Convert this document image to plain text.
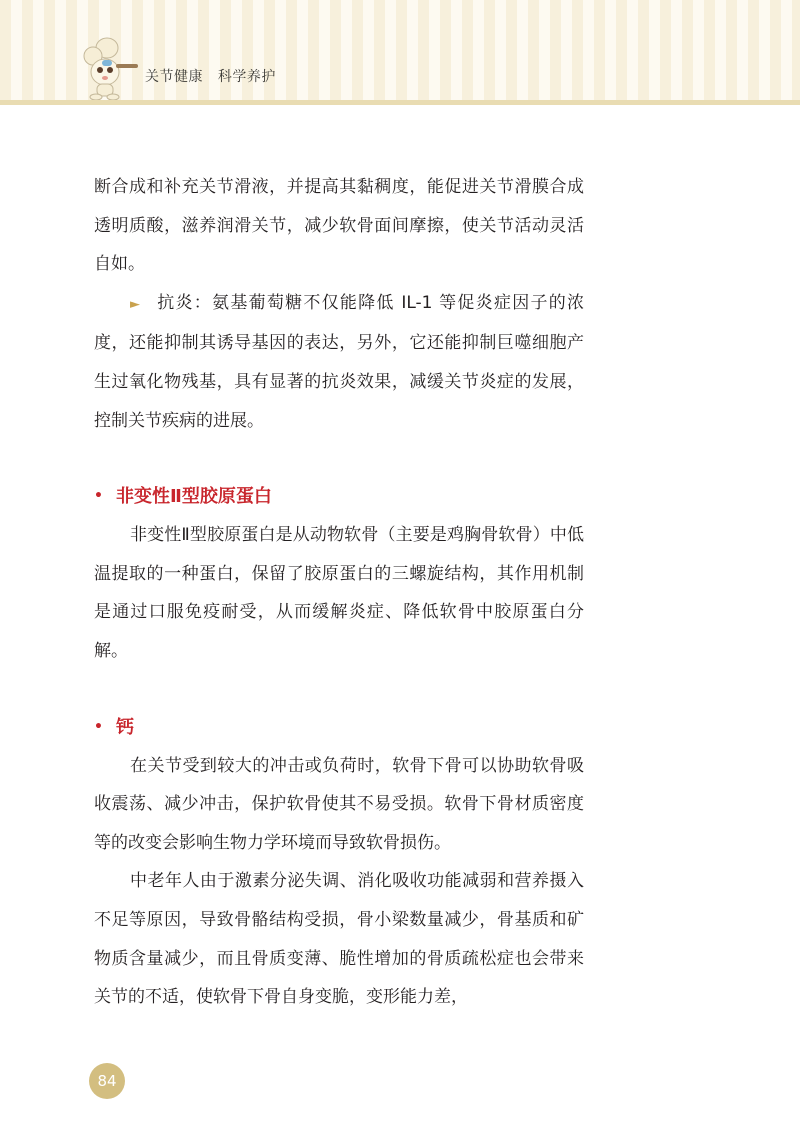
关节健康   科学养护

断合成和补充关节滑液，并提高其黏稠度，能促进关节滑膜合成透明质酸，滋养润滑关节，减少软骨面间摩擦，使关节活动灵活自如。

► 抗炎：氨基葡萄糖不仅能降低 IL-1 等促炎症因子的浓度，还能抑制其诱导基因的表达，另外，它还能抑制巨噬细胞产生过氧化物残基，具有显著的抗炎效果，减缓关节炎症的发展，控制关节疾病的进展。

• 非变性Ⅱ型胶原蛋白

非变性Ⅱ型胶原蛋白是从动物软骨（主要是鸡胸骨软骨）中低温提取的一种蛋白，保留了胶原蛋白的三螺旋结构，其作用机制是通过口服免疫耐受，从而缓解炎症、降低软骨中胶原蛋白分解。

• 钙

在关节受到较大的冲击或负荷时，软骨下骨可以协助软骨吸收震荡、减少冲击，保护软骨使其不易受损。软骨下骨材质密度等的改变会影响生物力学环境而导致软骨损伤。

中老年人由于激素分泌失调、消化吸收功能减弱和营养摄入不足等原因，导致骨骼结构受损，骨小梁数量减少，骨基质和矿物质含量减少，而且骨质变薄、脆性增加的骨质疏松症也会带来关节的不适，使软骨下骨自身变脆，变形能力差，

84
